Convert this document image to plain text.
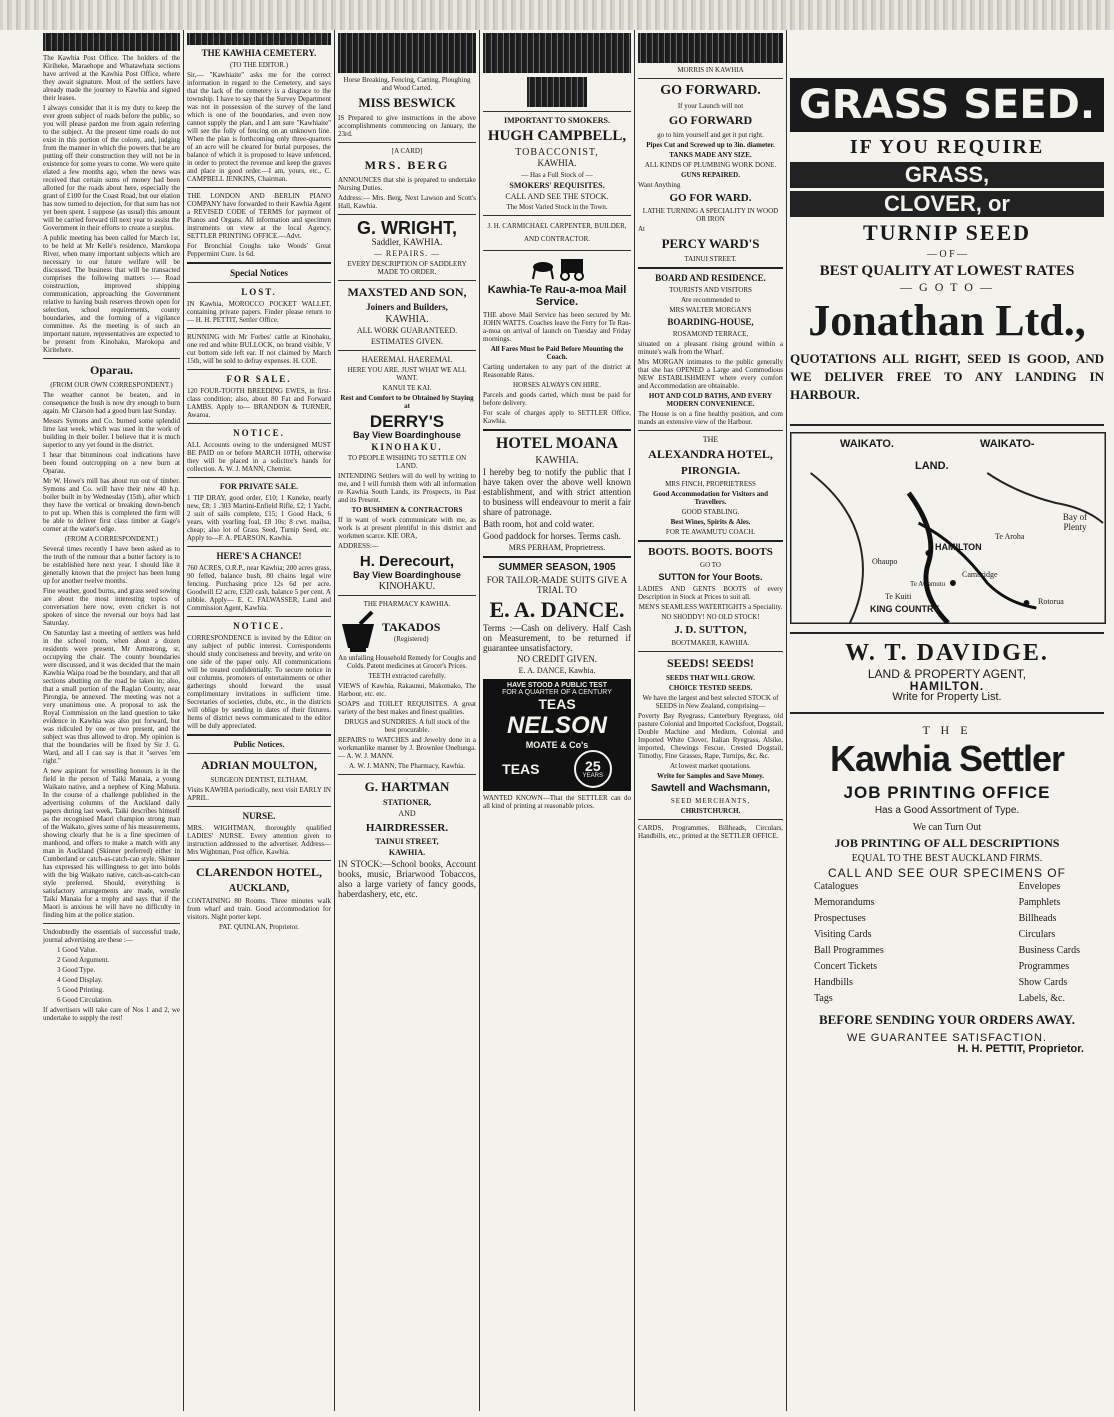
The Kawhia Post Office. The holders of the Kiriheke, Maraehope and Whatawhata sections have arrived at the Kawhia Post Office, where they await signature. Most of the settlers have already made the journey to Kawhia and signed their leases.

I always consider that it is my duty to keep the ever green subject of roads before the public, so you will please pardon me from again referring to the subject. At the present time roads do not exist in this portion of the colony, and, judging from the manner in which the powers that be are putting off their construction they will not be in existence for some years to come. We were quite elated a few months ago, when the news was received that certain sums of money had been allotted for the roads about here, especially the grant of £100 for the Coast Road, but our elation has now turned to dejection, for that sum has not yet been spent. I suppose (as usual) this amount will be carried forward till next year to assist the Government in their efforts to create a surplus.

A public meeting has been called for March 1st, to be held at Mr Kelle's residence, Marokopa River, when many important subjects which are necessary to our future welfare will be discussed. The business that will be transacted comprises the following matters :— Road construction, improved shipping communication, approaching the Government relative to having bush reserves thrown open for selection, school requirements, county boundaries, and the forming of a vigilance committee. As the meeting is of such an important nature, representatives are expected to be present from Kinohaku, Marokopa and Kiritehere.

Oparau.

(FROM OUR OWN CORRESPONDENT.)

The weather cannot be beaten, and in consequence the bush is now dry enough to burn again. Mr Clarson had a good burn last Sunday.

Messrs Symons and Co. burned some splendid lime last week, which was used in the work of building in their boiler. I believe that it is much superior to any yet found in the district.

I hear that bituminous coal indications have been found outcropping on a new burn at Oparau.

Mr W. Howe's mill has about run out of timber. Symons and Co. will have their new 40 h.p. boiler built in by Wednesday (15th), after which they have the vertical or breaking down-bench to put up. When this is completed the firm will be able to deliver first class timber at Gage's corner at the water's edge.

(FROM A CORRESPONDENT.)

Several times recently I have been asked as to the truth of the rumour that a butter factory is to be established here next year. I should like it generally known that the project has been hung up for another twelve months.

Fine weather, good burns, and grass seed sowing are about the most interesting topics of conversation here now, even cricket is not spoken of since the reversal our boys had last Saturday.

On Saturday last a meeting of settlers was held in the school room, when about a dozen residents were present, Mr Armstrong, sr, occupying the chair. The county boundaries were discussed, and it was decided that the main Kawhia Waipa road be the boundary, and that all sections abutting on the road be taken in; also, that a small portion of the Raglan County, near Pirongia, be annexed. The meeting was not a very unanimous one. A proposal to ask the Royal Commission on the land question to take evidence in Kawhia was also put forward, but was ridiculed by one or two present, and the subject was thus allowed to drop. My opinion is that the boundaries will be fixed by Sir J. G. Ward, and all I can say is that it "serves 'em right."

A new aspirant for wrestling honours is in the field in the person of Taiki Manaia, a young Waikato native, and a nephew of King Mahuta. In the course of a challenge published in the advertising columns of the Auckland daily papers during last week, Taiki describes himself as the recognised Maori champion strong man of the Waikato, gives some of his measurements, showing clearly that he is a fine specimen of manhood, and offers to make a match with any man in Auckland (Skinner preferred) either in Cumberland or catch-as-catch-can style. Skinner has expressed his willingness to get into holds with the big Waikato native, catch-as-catch-can style preferred. Should, everything is satisfactory arrangements are made, wrestle Taiki Manaia for a trophy and says that if the Maori is anxious he will have no difficulty in finding him at the police station.

Undoubtedly the essentials of successful trade, journal advertising are these :—

1 Good Value.

2 Good Argument.

3 Good Type.

4 Good Display.

5 Good Printing.

6 Good Circulation.

If advertisers will take care of Nos 1 and 2, we undertake to supply the rest!

THE KAWHIA CEMETERY.

(TO THE EDITOR.)

Sir,— "Kawhiaite" asks me for the correct information in regard to the Cemetery, and says that the lack of the cemetery is a disgrace to the township. I have to say that the Survey Department was not in possession of the survey of the land which is one of the boundaries, and even now cannot supply the plan, and I am sure "Kawhiaite" will see the folly of fencing on an unknown line. When the plan is forthcoming only three-quarters of an acre will be cleared for burial purposes, the balance of which it is proposed to leave unfenced, in order to protect the revenue and keep the graves and place in good order.—I am, yours, etc., C. CAMPBELL JENKINS, Chairman.

THE LONDON AND BERLIN PIANO COMPANY have forwarded to their Kawhia Agent a REVISED CODE of TERMS for payment of Pianos and Organs. All information and specimen instruments on view at the local Agency, SETTLER PRINTING OFFICE.—Advt.

For Bronchial Coughs take Woods' Great Peppermint Cure. 1s 6d.

Special Notices
LOST.

IN Kawhia, MOROCCO POCKET WALLET, containing private papers. Finder please return to— H. H. PETTIT, Settler Office.

RUNNING with Mr Forbes' cattle at Kinohaku, one red and white BULLOCK, no brand visible, V cut bottom side left ear. If not claimed by March 15th, will be sold to defray expenses. H. COE.

FOR SALE.

120 FOUR-TOOTH BREEDING EWES, in first-class condition; also, about 80 Fat and Forward LAMBS. Apply to— BRANDON & TURNER, Awaroa.

NOTICE.

ALL Accounts owing to the undersigned MUST BE PAID on or before MARCH 10TH, otherwise they will be placed in a solicitor's hands for collection. A. W. J. MANN, Chemist.

FOR PRIVATE SALE.

1 TIP DRAY, good order, £10; 1 Kuneke, nearly new, £8; 1 .303 Martini-Enfield Rifle, £2; 1 Yacht, 2 suit of sails complete, £15; 1 Good Hack, 6 years, with yearling foal, £8 10s; 8 cwt. mailsa, cheap; also lot of Grass Seed, Turnip Seed, etc. Apply to—F. A. PEARSON, Kawhia.

HERE'S A CHANCE!

760 ACRES, O.R.P., near Kawhia; 200 acres grass, 90 felled, balance bush, 80 chains legal wire fencing. Purchasing price 12s 6d per acre. Goodwill £2 acre, £320 cash, balance 5 per cent. A nibble. Apply— E. C. FALWASSER, Land and Commission Agent, Kawhia.

NOTICE.

CORRESPONDENCE is invited by the Editor on any subject of public interest. Correspondents should study conciseness and brevity, and write on one side of the paper only. All communications will be treated confidentially. To secure notice in our columns, promoters of entertainments or other gatherings should forward the usual complimentary invitations in sufficient time. Secretaries of societies, clubs, etc., in the districts will oblige by sending in dates of their fixtures. Items of district news communicated to the editor will be duly appreciated.

Public Notices.
ADRIAN MOULTON,

SURGEON DENTIST, ELTHAM,

Visits KAWHIA periodically, next visit EARLY IN APRIL.

NURSE.

MRS. WIGHTMAN, thoroughly qualified LADIES' NURSE. Every attention given to instruction addressed to the advertiser. Address—Mrs Wightman, Post office, Kawhia.

CLARENDON HOTEL,
AUCKLAND,

CONTAINING 80 Rooms. Three minutes walk from wharf and train. Good accommodation for visitors. Night porter kept.

PAT. QUINLAN, Proprietor.

Horse Breaking, Fencing, Carting, Ploughing and Wood Carted.

MISS BESWICK

IS Prepared to give instructions in the above accomplishments commencing on January, the 23rd.

[A CARD]

MRS. BERG

ANNOUNCES that she is prepared to undertake Nursing Duties.

Address:— Mrs. Berg, Next Lawson and Scott's Hall, Kawhia.

G. WRIGHT,

Saddler, KAWHIA.

— REPAIRS. —

EVERY DESCRIPTION OF SADDLERY MADE TO ORDER.

MAXSTED AND SON,

Joiners and Builders,

KAWHIA.

ALL WORK GUARANTEED.

ESTIMATES GIVEN.

HAEREMAI. HAEREMAI.

HERE YOU ARE. JUST WHAT WE ALL WANT.

KANUI TE KAI.

Rest and Comfort to be Obtained by Staying at

DERRY'S

Bay View Boardinghouse

KINOHAKU.

TO PEOPLE WISHING TO SETTLE ON LAND.

INTENDING Settlers will do well by writing to me, and I will furnish them with all information re Kawhia South Lands, its Prospects, its Past and its Present.

TO BUSHMEN & CONTRACTORS

If in want of work communicate with me, as work is at present plentiful in this district and workmen scarce. KIE ORA,

ADDRESS:—

H. Derecourt,

Bay View Boardinghouse

KINOHAKU.

THE PHARMACY KAWHIA.

TAKADOS

(Registered)

An unfailing Household Remedy for Coughs and Colds. Patent medicines at Grocer's Prices.

TEETH extracted carefully.

VIEWS of Kawhia, Rakaunui, Makomako, The Harbour, etc. etc.

SOAPS and TOILET REQUISITES. A great variety of the best makes and finest qualities.

DRUGS and SUNDRIES. A full stock of the best procurable.

REPAIRS to WATCHES and Jewelry done in a workmanlike manner by J. Brownlee Onehunga.— A. W. J. MANN.

A. W. J. MANN, The Pharmacy, Kawhia.

G. HARTMAN

STATIONER,

AND

HAIRDRESSER.

TAINUI STREET,

KAWHIA.

IN STOCK:—School books, Account books, music, Briarwood Tobaccos, also a large variety of fancy goods, haberdashery, etc, etc.

IMPORTANT TO SMOKERS.

HUGH CAMPBELL,

TOBACCONIST,

KAWHIA.

— Has a Full Stock of —

SMOKERS' REQUISITES.

CALL AND SEE THE STOCK.

The Most Varied Stock in the Town.

J. H. CARMICHAEL CARPENTER, BUILDER, AND CONTRACTOR.

Kawhia-Te Rau-a-moa Mail Service.

THE above Mail Service has been secured by Mr. JOHN WATTS. Coaches leave the Ferry for Te Rau-a-moa on arrival of launch on Tuesday and Friday mornings.

All Fares Must be Paid Before Mounting the Coach.

Carting undertaken to any part of the district at Reasonable Rates.

HORSES ALWAYS ON HIRE.

Parcels and goods carted, which must be paid for before delivery.

For scale of charges apply to SETTLER Office, Kawhia.

HOTEL MOANA

KAWHIA.

I hereby beg to notify the public that I have taken over the above well known establishment, and with strict attention to business will endeavour to merit a fair share of patronage.

Bath room, hot and cold water.

Good paddock for horses. Terms cash.

MRS PERHAM, Proprietress.

SUMMER SEASON, 1905

FOR TAILOR-MADE SUITS GIVE A TRIAL TO

E. A. DANCE.

Terms :—Cash on delivery. Half Cash on Measurement, to be returned if guarantee unsatisfactory.

NO CREDIT GIVEN.

E. A. DANCE, Kawhia.

HAVE STOOD A PUBLIC TEST
FOR A QUARTER OF A CENTURY
TEAS
NELSON
MOATE & Co's
TEAS	25
YEARS

WANTED KNOWN—That the SETTLER can do all kind of printing at reasonable prices.

MORRIS IN KAWHIA

GO FORWARD.

If your Launch will not

GO FORWARD

go to him yourself and get it put right.

Pipes Cut and Screwed up to 3in. diameter.

TANKS MADE ANY SIZE.

ALL KINDS OF PLUMBING WORK DONE.

GUNS REPAIRED.

Want Anything

GO FOR WARD.

LATHE TURNING A SPECIALITY IN WOOD OR IRON

At

PERCY WARD'S

TAINUI STREET.

BOARD AND RESIDENCE.

TOURISTS AND VISITORS

Are recommended to

MRS WALTER MORGAN'S

BOARDING-HOUSE,

ROSAMOND TERRACE,

situated on a pleasant rising ground within a minute's walk from the Wharf.

Mrs MORGAN intimates to the public generally that she has OPENED a Large and Commodious NEW ESTABLISHMENT where every comfort and Accommodation are obtainable.

HOT AND COLD BATHS, AND EVERY MODERN CONVENIENCE.

The House is on a fine healthy position, and com mands an extensive view of the Harbour.

THE

ALEXANDRA HOTEL,
PIRONGIA.

MRS FINCH, PROPRIETRESS

Good Accommodation for Visitors and Travellers.

GOOD STABLING.

Best Wines, Spirits & Ales.

FOR TE AWAMUTU COACH.

BOOTS. BOOTS. BOOTS

GO TO

SUTTON for Your Boots.

LADIES AND GENTS BOOTS of every Description in Stock at Prices to suit all.

MEN'S SEAMLESS WATERTIGHTS a Speciality.

NO SHODDY! NO OLD STOCK!

J. D. SUTTON,

BOOTMAKER, KAWHIA.

SEEDS! SEEDS!

SEEDS THAT WILL GROW.

CHOICE TESTED SEEDS.

We have the largest and best selected STOCK of SEEDS in New Zealand, comprising—

Poverty Bay Ryegrass, Canterbury Ryegrass, old pasture Colonial and Imported Cocksfoot, Dogstail, Double Machine and Medium, Colonial and Imported White Clover, Italian Ryegrass, Alsike, imported, Chewings Fescue, Crested Dogstail, Timothy, Fine Grasses, Rape, Turnips, &c. &c.

At lowest market quotations.

Write for Samples and Save Money.

Sawtell and Wachsmann,

SEED MERCHANTS,

CHRISTCHURCH.

CARDS, Programmes, Billheads, Circulars, Handbills, etc., printed at the SETTLER OFFICE.

GRASS SEED.
IF YOU REQUIRE
GRASS,
CLOVER, or
TURNIP SEED

— O F —

BEST QUALITY AT LOWEST RATES

— G O T O —

Jonathan Ltd.,

QUOTATIONS ALL RIGHT, SEED IS GOOD, AND WE DELIVER FREE TO ANY LANDING IN HARBOUR.

WAIKATO.	WAIKATO-
LAND.
Bay of Plenty
HAMILTON
Ohaupo
Cambridge
Te Awamutu
Te Kuiti
KING COUNTRY
Rotorua
Te Aroha
W. T. DAVIDGE.

LAND & PROPERTY AGENT,

HAMILTON.

Write for Property List.

T H E

Kawhia Settler
JOB PRINTING OFFICE

Has a Good Assortment of Type.

We can Turn Out

JOB PRINTING OF ALL DESCRIPTIONS

EQUAL TO THE BEST AUCKLAND FIRMS.

CALL AND SEE OUR SPECIMENS OF

Catalogues

Memorandums

Prospectuses

Visiting Cards

Ball Programmes

Concert Tickets

Handbills

Tags

Envelopes

Pamphlets

Billheads

Circulars

Business Cards

Programmes

Show Cards

Labels, &c.

BEFORE SENDING YOUR ORDERS AWAY.

WE GUARANTEE SATISFACTION.

H. H. PETTIT, Proprietor.
